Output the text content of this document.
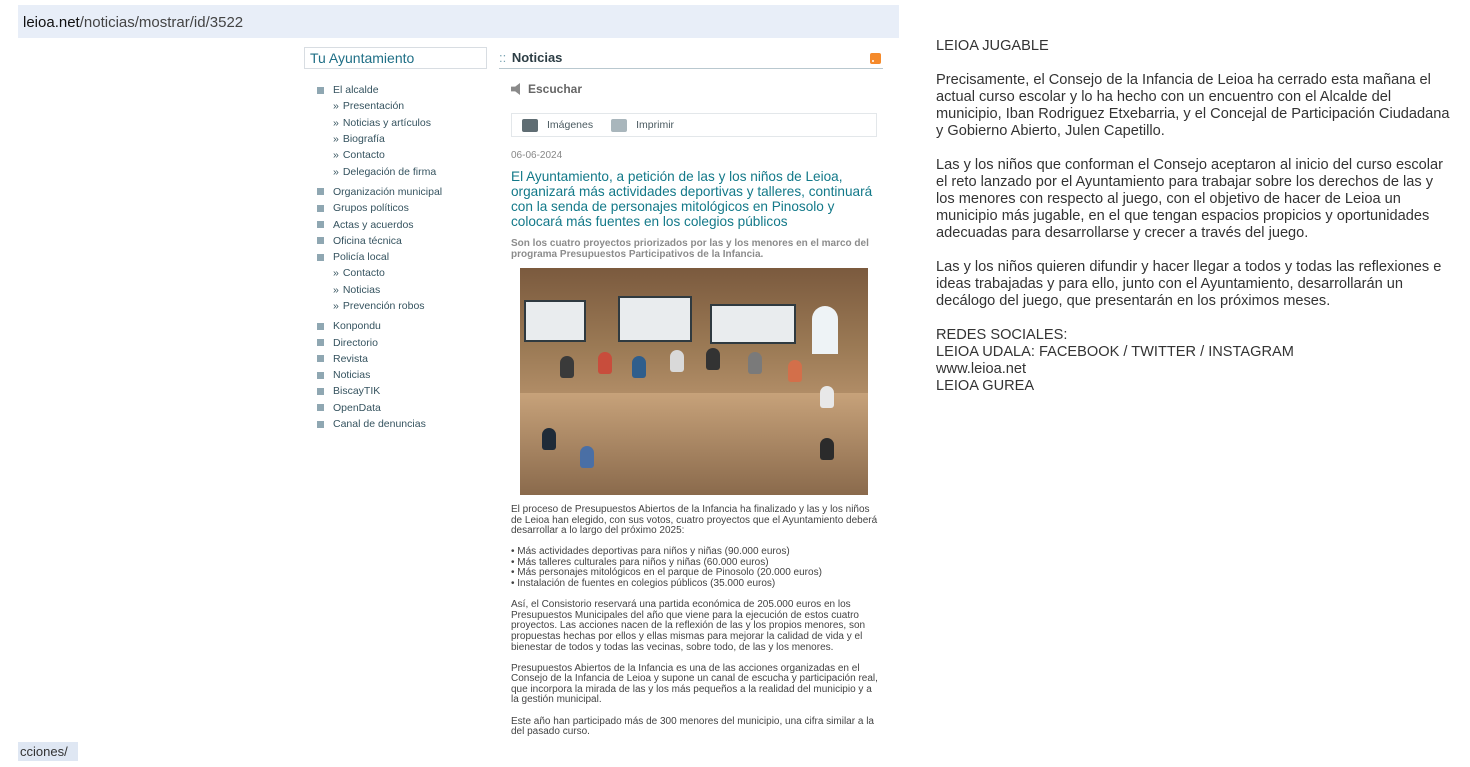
leioa.net/noticias/mostrar/id/3522
Tu Ayuntamiento
El alcalde
» Presentación
» Noticias y artículos
» Biografía
» Contacto
» Delegación de firma
Organización municipal
Grupos políticos
Actas y acuerdos
Oficina técnica
Policía local
» Contacto
» Noticias
» Prevención robos
Konpondu
Directorio
Revista
Noticias
BiscayTIK
OpenData
Canal de denuncias
:: Noticias
Escuchar
Imágenes	Imprimir
06-06-2024
El Ayuntamiento, a petición de las y los niños de Leioa, organizará más actividades deportivas y talleres, continuará con la senda de personajes mitológicos en Pinosolo y colocará más fuentes en los colegios públicos
Son los cuatro proyectos priorizados por las y los menores en el marco del programa Presupuestos Participativos de la Infancia.

El proceso de Presupuestos Abiertos de la Infancia ha finalizado y las y los niños de Leioa han elegido, con sus votos, cuatro proyectos que el Ayuntamiento deberá desarrollar a lo largo del próximo 2025:

• Más actividades deportivas para niños y niñas (90.000 euros)
• Más talleres culturales para niños y niñas (60.000 euros)
• Más personajes mitológicos en el parque de Pinosolo (20.000 euros)
• Instalación de fuentes en colegios públicos (35.000 euros)

Así, el Consistorio reservará una partida económica de 205.000 euros en los Presupuestos Municipales del año que viene para la ejecución de estos cuatro proyectos. Las acciones nacen de la reflexión de las y los propios menores, son propuestas hechas por ellos y ellas mismas para mejorar la calidad de vida y el bienestar de todos y todas las vecinas, sobre todo, de las y los menores.

Presupuestos Abiertos de la Infancia es una de las acciones organizadas en el Consejo de la Infancia de Leioa y supone un canal de escucha y participación real, que incorpora la mirada de las y los más pequeños a la realidad del municipio y a la gestión municipal.

Este año han participado más de 300 menores del municipio, una cifra similar a la del pasado curso.

LEIOA JUGABLE

Precisamente, el Consejo de la Infancia de Leioa ha cerrado esta mañana el actual curso escolar y lo ha hecho con un encuentro con el Alcalde del municipio, Iban Rodriguez Etxebarria, y el Concejal de Participación Ciudadana y Gobierno Abierto, Julen Capetillo.

Las y los niños que conforman el Consejo aceptaron al inicio del curso escolar el reto lanzado por el Ayuntamiento para trabajar sobre los derechos de las y los menores con respecto al juego, con el objetivo de hacer de Leioa un municipio más jugable, en el que tengan espacios propicios y oportunidades adecuadas para desarrollarse y crecer a través del juego.

Las y los niños quieren difundir y hacer llegar a todos y todas las reflexiones e ideas trabajadas y para ello, junto con el Ayuntamiento, desarrollarán un decálogo del juego, que presentarán en los próximos meses.

REDES SOCIALES:
LEIOA UDALA: FACEBOOK / TWITTER / INSTAGRAM
www.leioa.net
LEIOA GUREA
cciones/
